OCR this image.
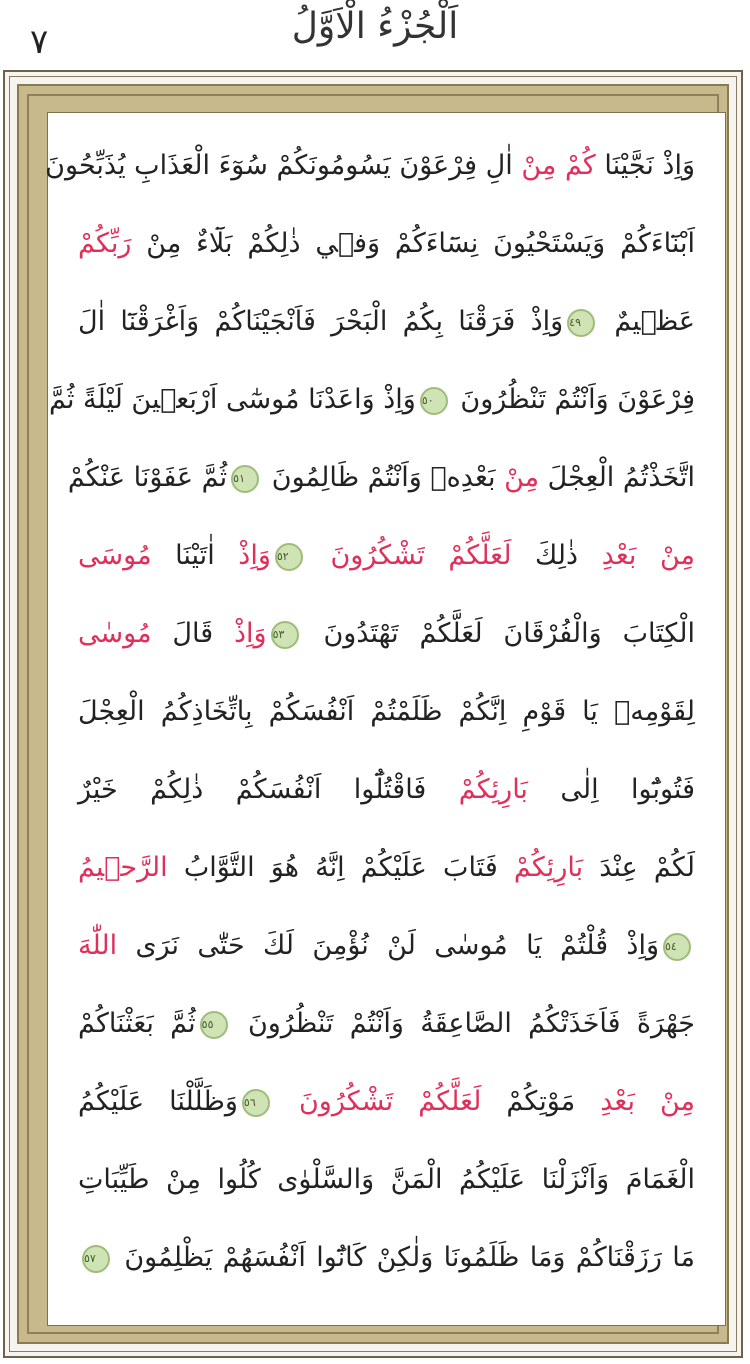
٧	اَلْجُزْءُ الْاَوَّلُ
وَاِذْ نَجَّيْنَا كُمْ مِنْ اٰلِ فِرْعَوْنَ يَسُومُونَكُمْ سُوٓءَ الْعَذَابِ يُذَبِّحُونَ
اَبْنَٓاءَكُمْ وَيَسْتَحْيُونَ نِسَٓاءَكُمْ وَفٖي ذٰلِكُمْ بَلَٓاءٌ مِنْ رَبِّكُمْ
عَظٖيمٌ ٤٩وَاِذْ فَرَقْنَا بِكُمُ الْبَحْرَ فَاَنْجَيْنَاكُمْ وَاَغْرَقْنَٓا اٰلَ
فِرْعَوْنَ وَاَنْتُمْ تَنْظُرُونَ ٥٠وَاِذْ وَاعَدْنَا مُوسٰٓى اَرْبَعٖينَ لَيْلَةً ثُمَّ
اتَّخَذْتُمُ الْعِجْلَ مِنْ بَعْدِهٖ وَاَنْتُمْ ظَالِمُونَ ٥١ثُمَّ عَفَوْنَا عَنْكُمْ
مِنْ بَعْدِ ذٰلِكَ لَعَلَّكُمْ تَشْكُرُونَ ٥٢وَاِذْ اٰتَيْنَا مُوسَى
الْكِتَابَ وَالْفُرْقَانَ لَعَلَّكُمْ تَهْتَدُونَ ٥٣وَاِذْ قَالَ مُوسٰى
لِقَوْمِهٖ يَا قَوْمِ اِنَّكُمْ ظَلَمْتُمْ اَنْفُسَكُمْ بِاتِّخَاذِكُمُ الْعِجْلَ
فَتُوبُٓوا اِلٰى بَارِئِكُمْ فَاقْتُلُٓوا اَنْفُسَكُمْ ذٰلِكُمْ خَيْرٌ
لَكُمْ عِنْدَ بَارِئِكُمْ فَتَابَ عَلَيْكُمْ اِنَّهُ هُوَ التَّوَّابُ الرَّحٖيمُ
٥٤وَاِذْ قُلْتُمْ يَا مُوسٰى لَنْ نُؤْمِنَ لَكَ حَتّٰى نَرَى اللّٰهَ
جَهْرَةً فَاَخَذَتْكُمُ الصَّاعِقَةُ وَاَنْتُمْ تَنْظُرُونَ ٥٥ثُمَّ بَعَثْنَاكُمْ
مِنْ بَعْدِ مَوْتِكُمْ لَعَلَّكُمْ تَشْكُرُونَ ٥٦وَظَلَّلْنَا عَلَيْكُمُ
الْغَمَامَ وَاَنْزَلْنَا عَلَيْكُمُ الْمَنَّ وَالسَّلْوٰى كُلُوا مِنْ طَيِّبَاتِ
مَا رَزَقْنَاكُمْ وَمَا ظَلَمُونَا وَلٰكِنْ كَانُٓوا اَنْفُسَهُمْ يَظْلِمُونَ ٥٧
